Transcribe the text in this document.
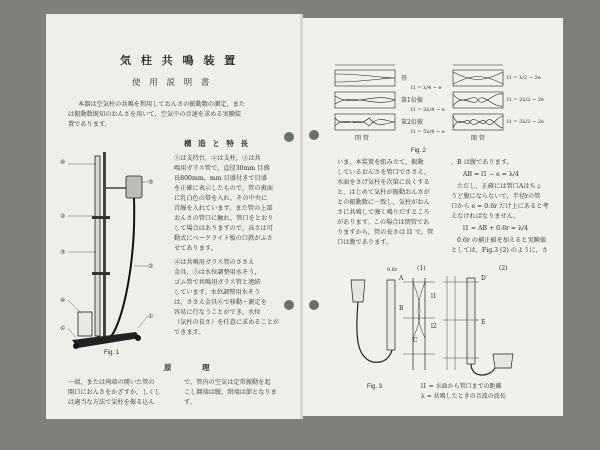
気 柱 共 鳴 装 置
使 用 説 明 書
本器は空気柱の共鳴を利用しておんさの振動数の測定，また
は振動数既知のおんさを用いて，空気中の音速を求める実験装
置であります。
構 造 と 特 長
①は支持台，②は支柱，③は共
鳴用ガラス管で，直径30mm 目盛
長800mm，mm 目盛付きで目盛
を正確に表示したもので，管の裏面
に乳白色の帯を入れ，その中央に
青線を入れています。また管の上部
おんさの管口に触れ，管口をとおり
して場合はありますので，高さは可
動式にベークライト板の口鉄がふさ
せてあります。
④は共鳴用ガラス管のささえ
金具，⑤は水位調整用水そう，
ゴム管で共鳴用ガラス管と連結
しています。水位調整用水そう
は，ささえ金具⑥で移動・測定を
容易に行なうことができ，水位
（気柱の長さ）を任意に求めることが
できます。
⑥
⑤
②
③
②
④
①
①
Fig. 1
原　　　理
一端，または両端の開いた管の
開口におんさをかざすか，しくし
は適当な方法で気柱を振る込ん
で，管内の空気は定常振動を起
こし開端は腹，閉端は節となりま
す。
基
第1倍振
第2倍振
l1 = λ/4 − e
l1 = 3λ/4 − e
l1 = 5λ/4 − e
l1 = λ/2 − 2e
l1 = 2λ/2 − 2e
l1 = 3λ/2 − 2e
閉 管	開 管
Fig. 2
いま，本装置を組み立て，振動
しているおんさを管口でささえ，
水面をさげ気柱を次第に長くする
と，はじめて気柱が振動おんさが
との振動数に一致し，気柱がおん
さに共鳴して強く鳴りだすところ
があります。この場合は閉管であ
りますから，管の長さは l1 で，管
口は腹であります。
，B は腹であります。
AB = l1 − e = λ/4
ただし，正確には管口Aはちょ
うど腹にならないで，半径rの管
口から e ≈ 0.6r だけ上にあると考
えなければなりません。
l1 = AB + 0.6r = λ/4
0.6r の補正値を加えると実験値
としては，Fig.3 (2) のように，さ
A
B
C
D
E
(1)	(2)
0.6r
l1
l2
Fig. 3	l1 = 水面から管口までの距離
λ = 共鳴したときの音波の波長
